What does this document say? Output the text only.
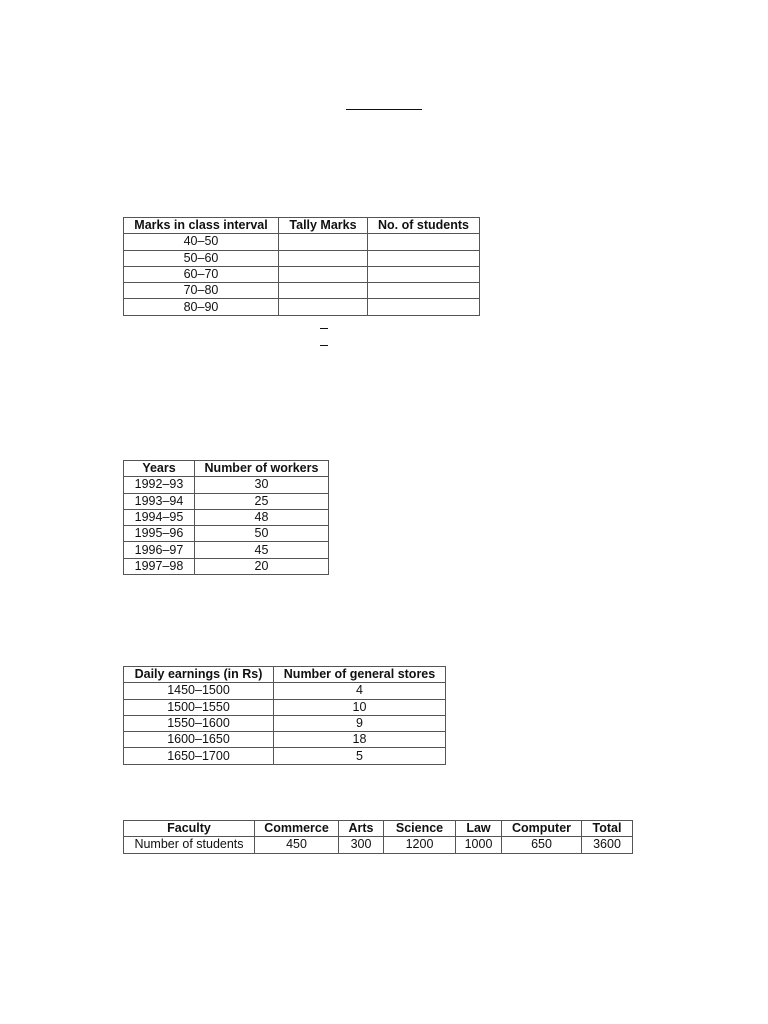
Marks in class interval	Tally Marks	No. of students
40–50		
50–60		
60–70		
70–80		
80–90		
Years	Number of workers
1992–93	30
1993–94	25
1994–95	48
1995–96	50
1996–97	45
1997–98	20
Daily earnings (in Rs)	Number of general stores
1450–1500	4
1500–1550	10
1550–1600	9
1600–1650	18
1650–1700	5
Faculty	Commerce	Arts	Science	Law	Computer	Total
Number of students	450	300	1200	1000	650	3600
